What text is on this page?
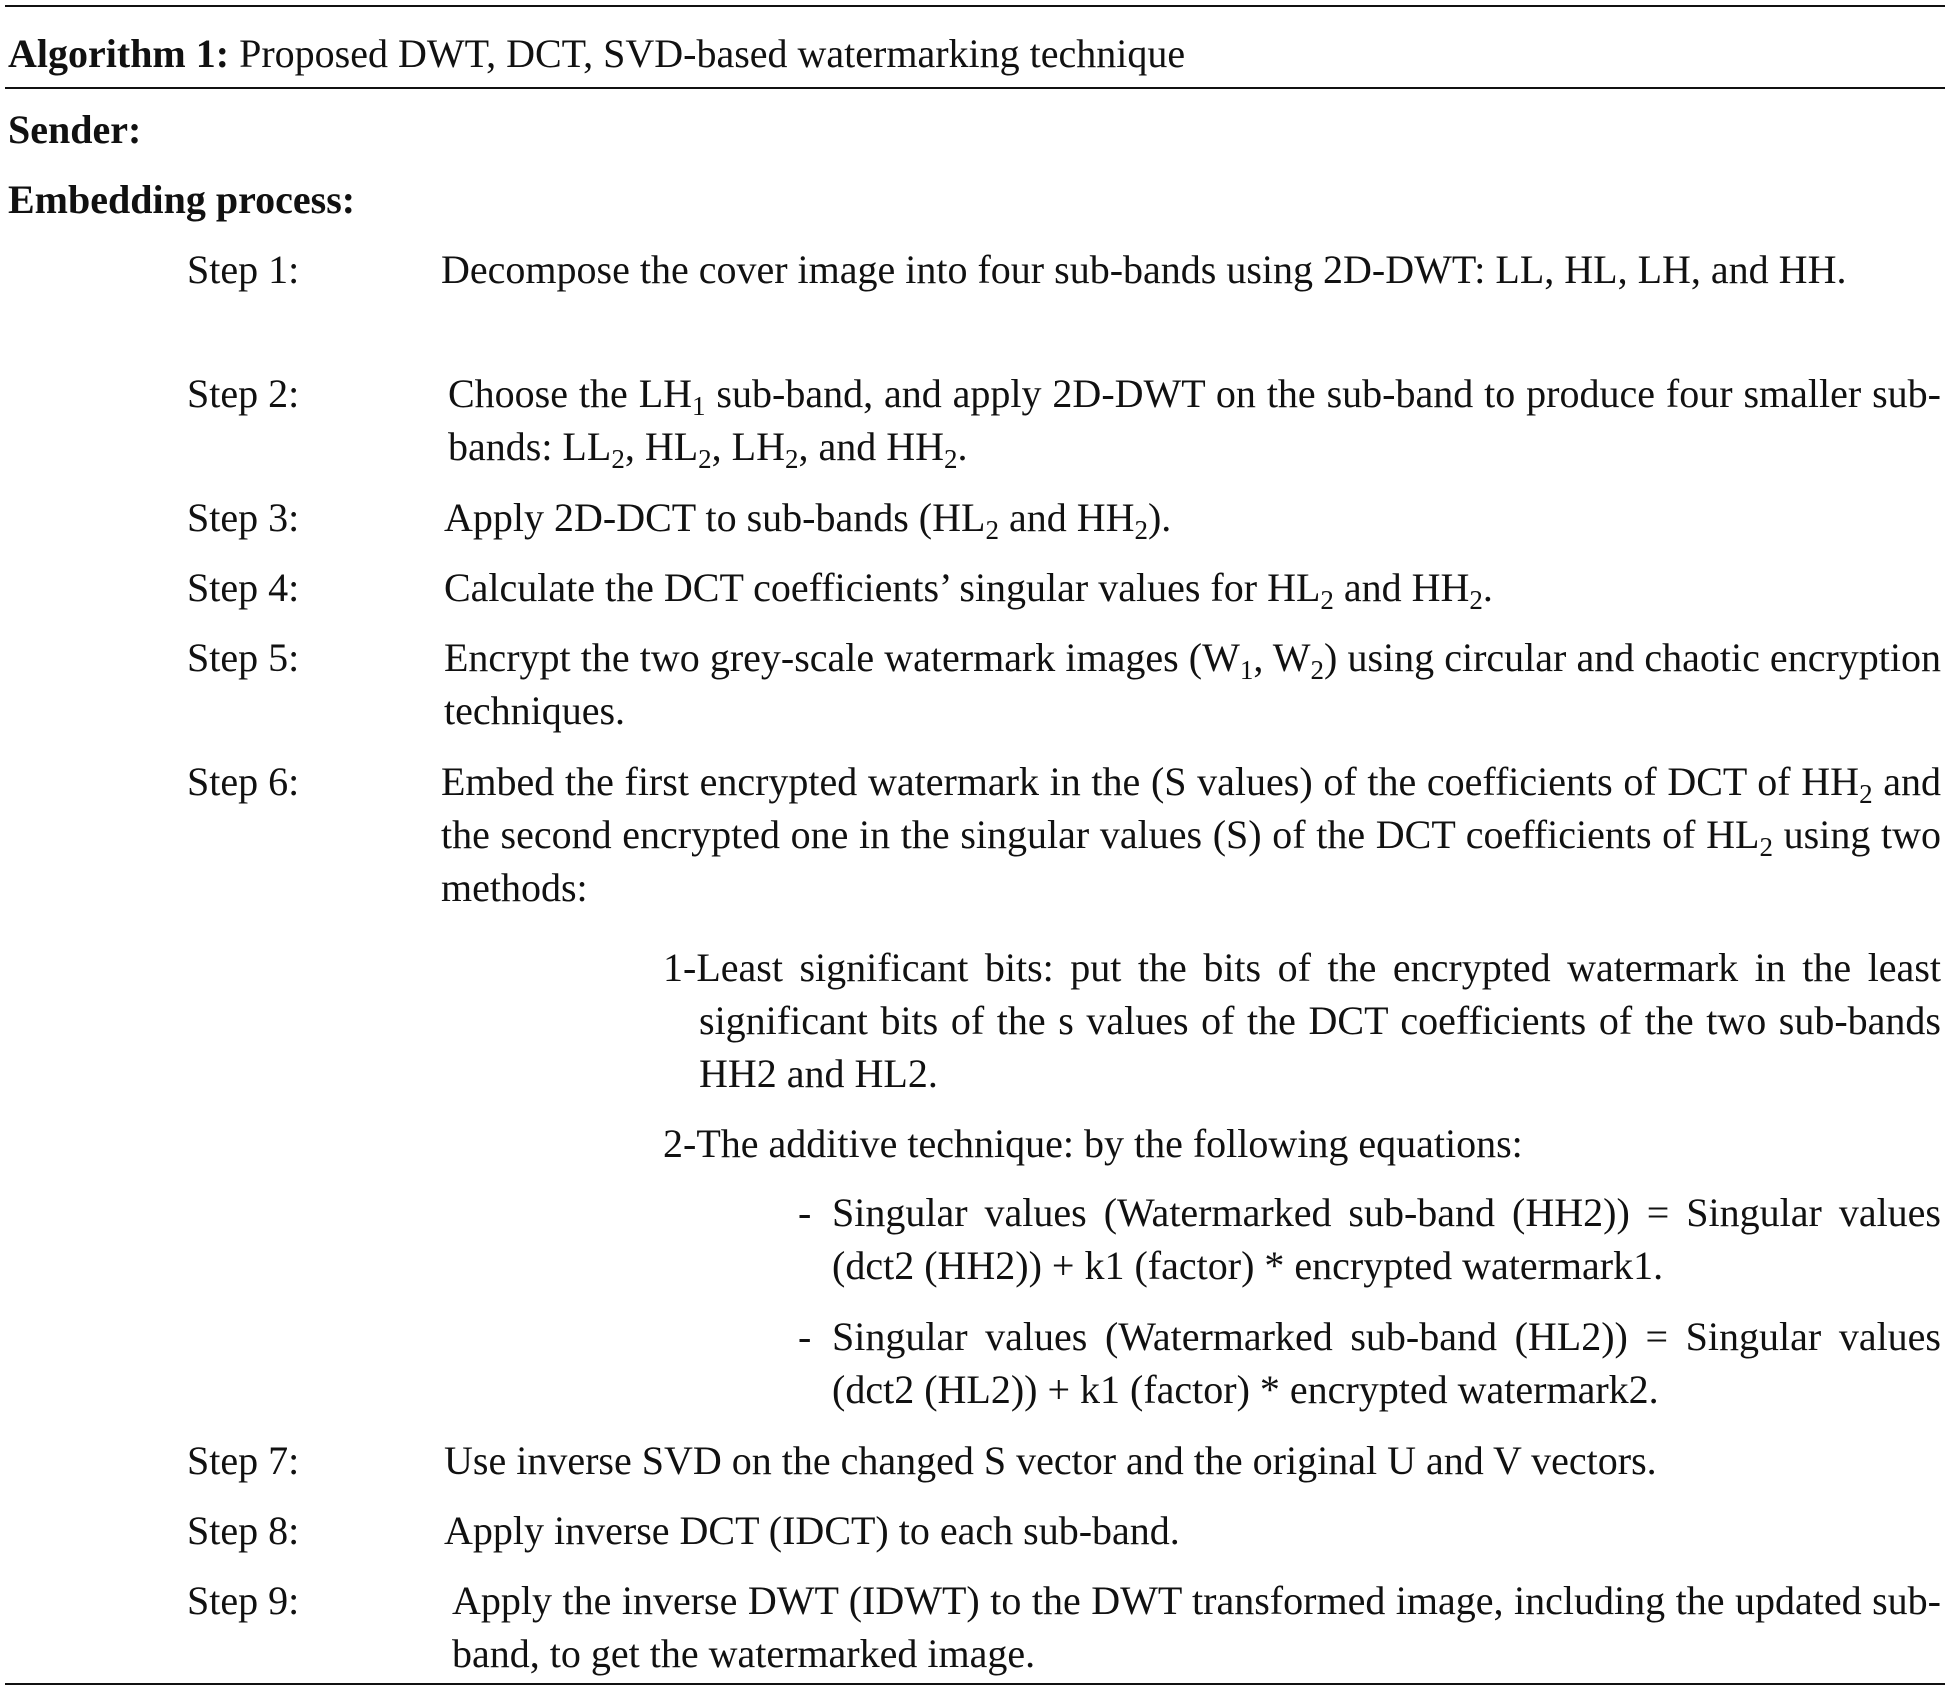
Algorithm 1: Proposed DWT, DCT, SVD-based watermarking technique
Sender:
Embedding process:
Step 1:	Decompose the cover image into four sub-bands using 2D-DWT: LL, HL, LH, and HH.
Step 2:	Choose the $LH_1$ sub-band, and apply 2D-DWT on the sub-band to produce four smaller sub-bands: $LL_2$, $HL_2$, $LH_2$, and $HH_2$.
Step 3:	Apply 2D-DCT to sub-bands ($HL_2$ and $HH_2$).
Step 4:	Calculate the DCT coefficients’ singular values for $HL_2$ and $HH_2$.
Step 5:	Encrypt the two grey-scale watermark images ($W_1$, $W_2$) using circular and chaotic encryption techniques.
Step 6:	Embed the first encrypted watermark in the (S values) of the coefficients of DCT of $HH_2$ and the second encrypted one in the singular values (S) of the DCT coefficients of $HL_2$ using two methods:
1-Least significant bits: put the bits of the encrypted watermark in the least significant bits of the s values of the DCT coefficients of the two sub-bands HH2 and HL2.
2-The additive technique: by the following equations:
- Singular values (Watermarked sub-band (HH2)) = Singular values (dct2 (HH2)) + k1 (factor) * encrypted watermark1.
- Singular values (Watermarked sub-band (HL2)) = Singular values (dct2 (HL2)) + k1 (factor) * encrypted watermark2.
Step 7:	Use inverse SVD on the changed S vector and the original U and V vectors.
Step 8:	Apply inverse DCT (IDCT) to each sub-band.
Step 9:	Apply the inverse DWT (IDWT) to the DWT transformed image, including the updated sub-band, to get the watermarked image.
